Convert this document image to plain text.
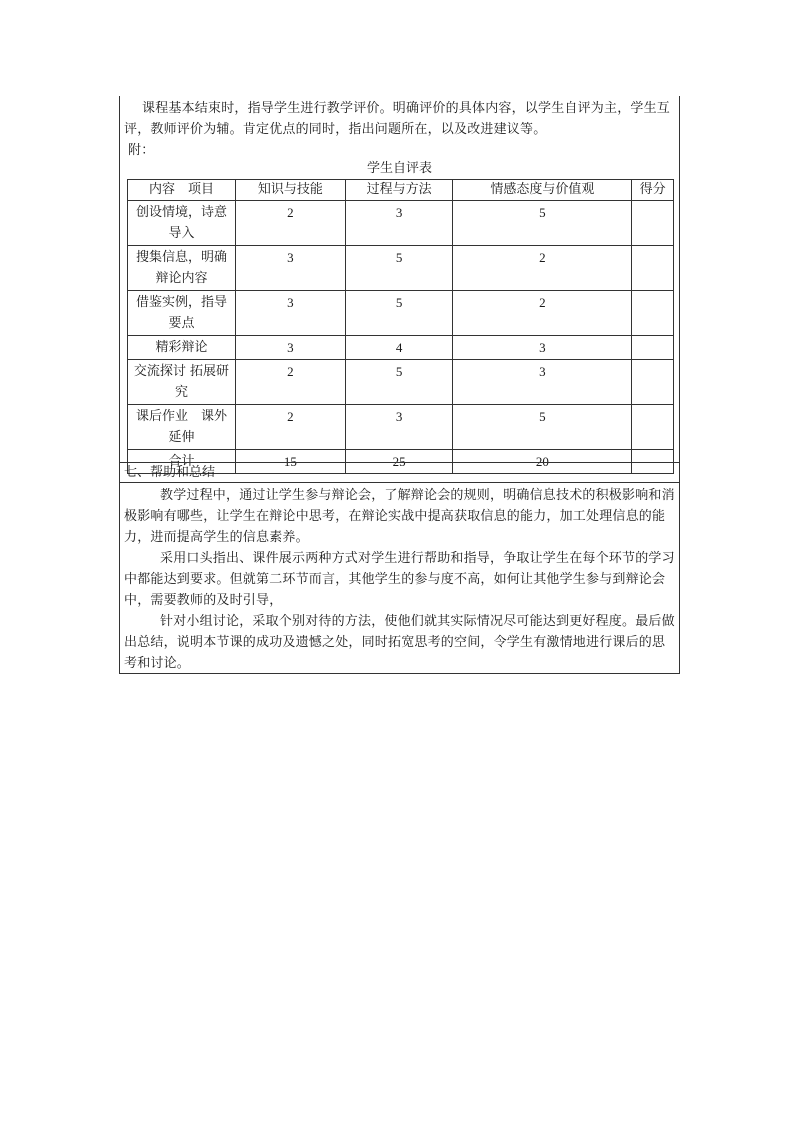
课程基本结束时，指导学生进行教学评价。明确评价的具体内容，以学生自评为主，学生互评，教师评价为辅。肯定优点的同时，指出问题所在，以及改进建议等。

附：
学生自评表
内容　项目	知识与技能	过程与方法	情感态度与价值观	得分
创设情境，诗意导入	2	3	5	
搜集信息，明确辩论内容	3	5	2	
借鉴实例，指导要点	3	5	2	
精彩辩论	3	4	3	
交流探讨 拓展研究	2	5	3	
课后作业　课外延伸	2	3	5	
合计	15	25	20	
七、帮助和总结

教学过程中，通过让学生参与辩论会，了解辩论会的规则，明确信息技术的积极影响和消极影响有哪些，让学生在辩论中思考，在辩论实战中提高获取信息的能力，加工处理信息的能力，进而提高学生的信息素养。

采用口头指出、课件展示两种方式对学生进行帮助和指导，争取让学生在每个环节的学习中都能达到要求。但就第二环节而言，其他学生的参与度不高，如何让其他学生参与到辩论会中，需要教师的及时引导，

针对小组讨论，采取个别对待的方法，使他们就其实际情况尽可能达到更好程度。最后做出总结，说明本节课的成功及遗憾之处，同时拓宽思考的空间，令学生有激情地进行课后的思考和讨论。
